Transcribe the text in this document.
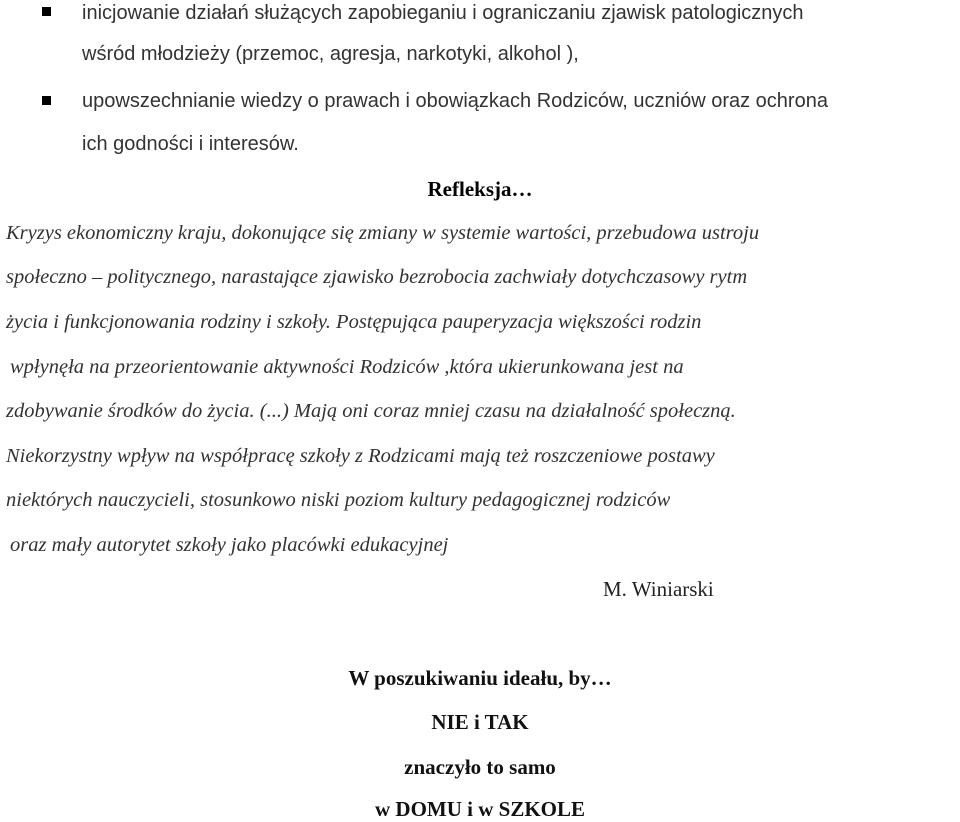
inicjowanie działań służących zapobieganiu i ograniczaniu zjawisk patologicznych
wśród młodzieży (przemoc, agresja, narkotyki, alkohol ),
upowszechnianie wiedzy o prawach i obowiązkach Rodziców, uczniów oraz ochrona
ich godności i interesów.
Refleksja…
Kryzys ekonomiczny kraju, dokonujące się zmiany w systemie wartości, przebudowa ustroju
społeczno – politycznego, narastające zjawisko bezrobocia zachwiały dotychczasowy rytm
życia i funkcjonowania rodziny i szkoły. Postępująca pauperyzacja większości rodzin
wpłynęła na przeorientowanie aktywności Rodziców ,która ukierunkowana jest na
zdobywanie środków do życia. (...) Mają oni coraz mniej czasu na działalność społeczną.
Niekorzystny wpływ na współpracę szkoły z Rodzicami mają też roszczeniowe postawy
niektórych nauczycieli, stosunkowo niski poziom kultury pedagogicznej rodziców
oraz mały autorytet szkoły jako placówki edukacyjnej
M. Winiarski
W poszukiwaniu ideału, by…
NIE i TAK
znaczyło to samo
w DOMU i w SZKOLE
